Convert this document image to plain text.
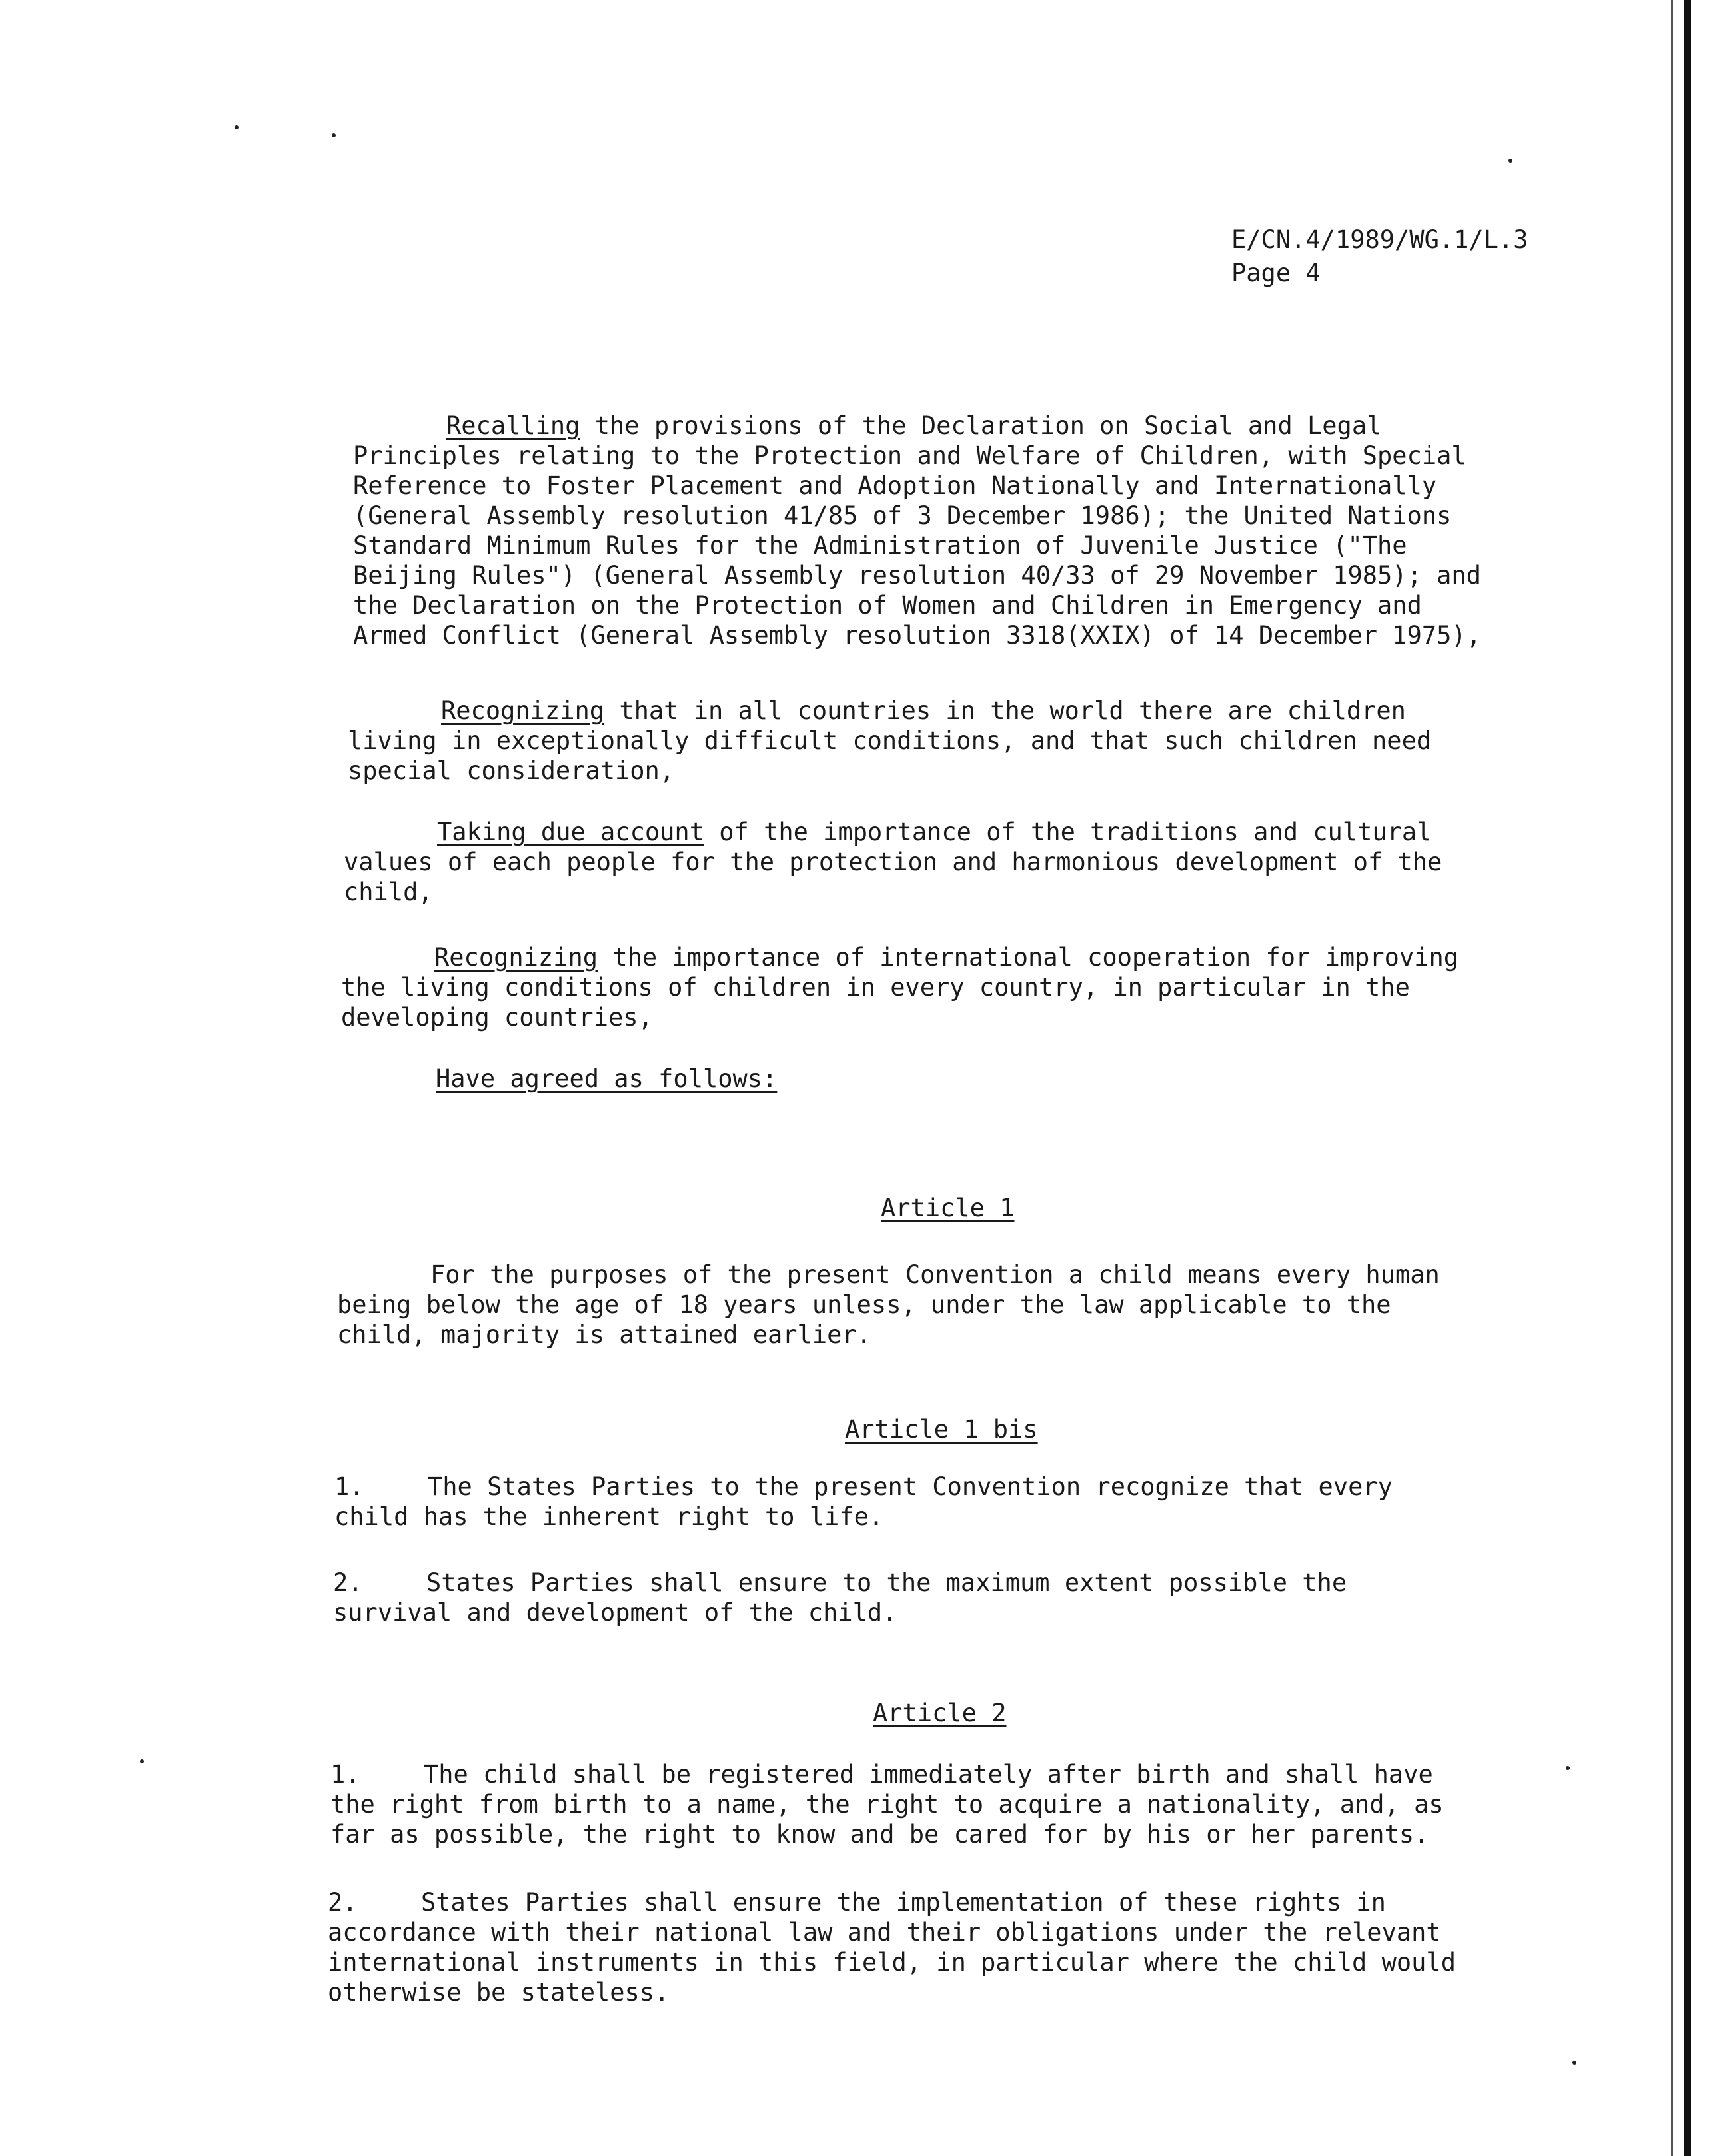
E/CN.4/1989/WG.1/L.3
Page 4
Recalling the provisions of the Declaration on Social and Legal
Principles relating to the Protection and Welfare of Children, with Special
Reference to Foster Placement and Adoption Nationally and Internationally
(General Assembly resolution 41/85 of 3 December 1986); the United Nations
Standard Minimum Rules for the Administration of Juvenile Justice ("The
Beijing Rules") (General Assembly resolution 40/33 of 29 November 1985); and
the Declaration on the Protection of Women and Children in Emergency and
Armed Conflict (General Assembly resolution 3318(XXIX) of 14 December 1975),
Recognizing that in all countries in the world there are children
living in exceptionally difficult conditions, and that such children need
special consideration,
Taking due account of the importance of the traditions and cultural
values of each people for the protection and harmonious development of the
child,
Recognizing the importance of international cooperation for improving
the living conditions of children in every country, in particular in the
developing countries,
Have agreed as follows:
Article 1
For the purposes of the present Convention a child means every human
being below the age of 18 years unless, under the law applicable to the
child, majority is attained earlier.
Article 1 bis
1.	The States Parties to the present Convention recognize that every
child has the inherent right to life.
2.	States Parties shall ensure to the maximum extent possible the
survival and development of the child.
Article 2
1.	The child shall be registered immediately after birth and shall have
the right from birth to a name, the right to acquire a nationality, and, as
far as possible, the right to know and be cared for by his or her parents.
2.	States Parties shall ensure the implementation of these rights in
accordance with their national law and their obligations under the relevant
international instruments in this field, in particular where the child would
otherwise be stateless.
